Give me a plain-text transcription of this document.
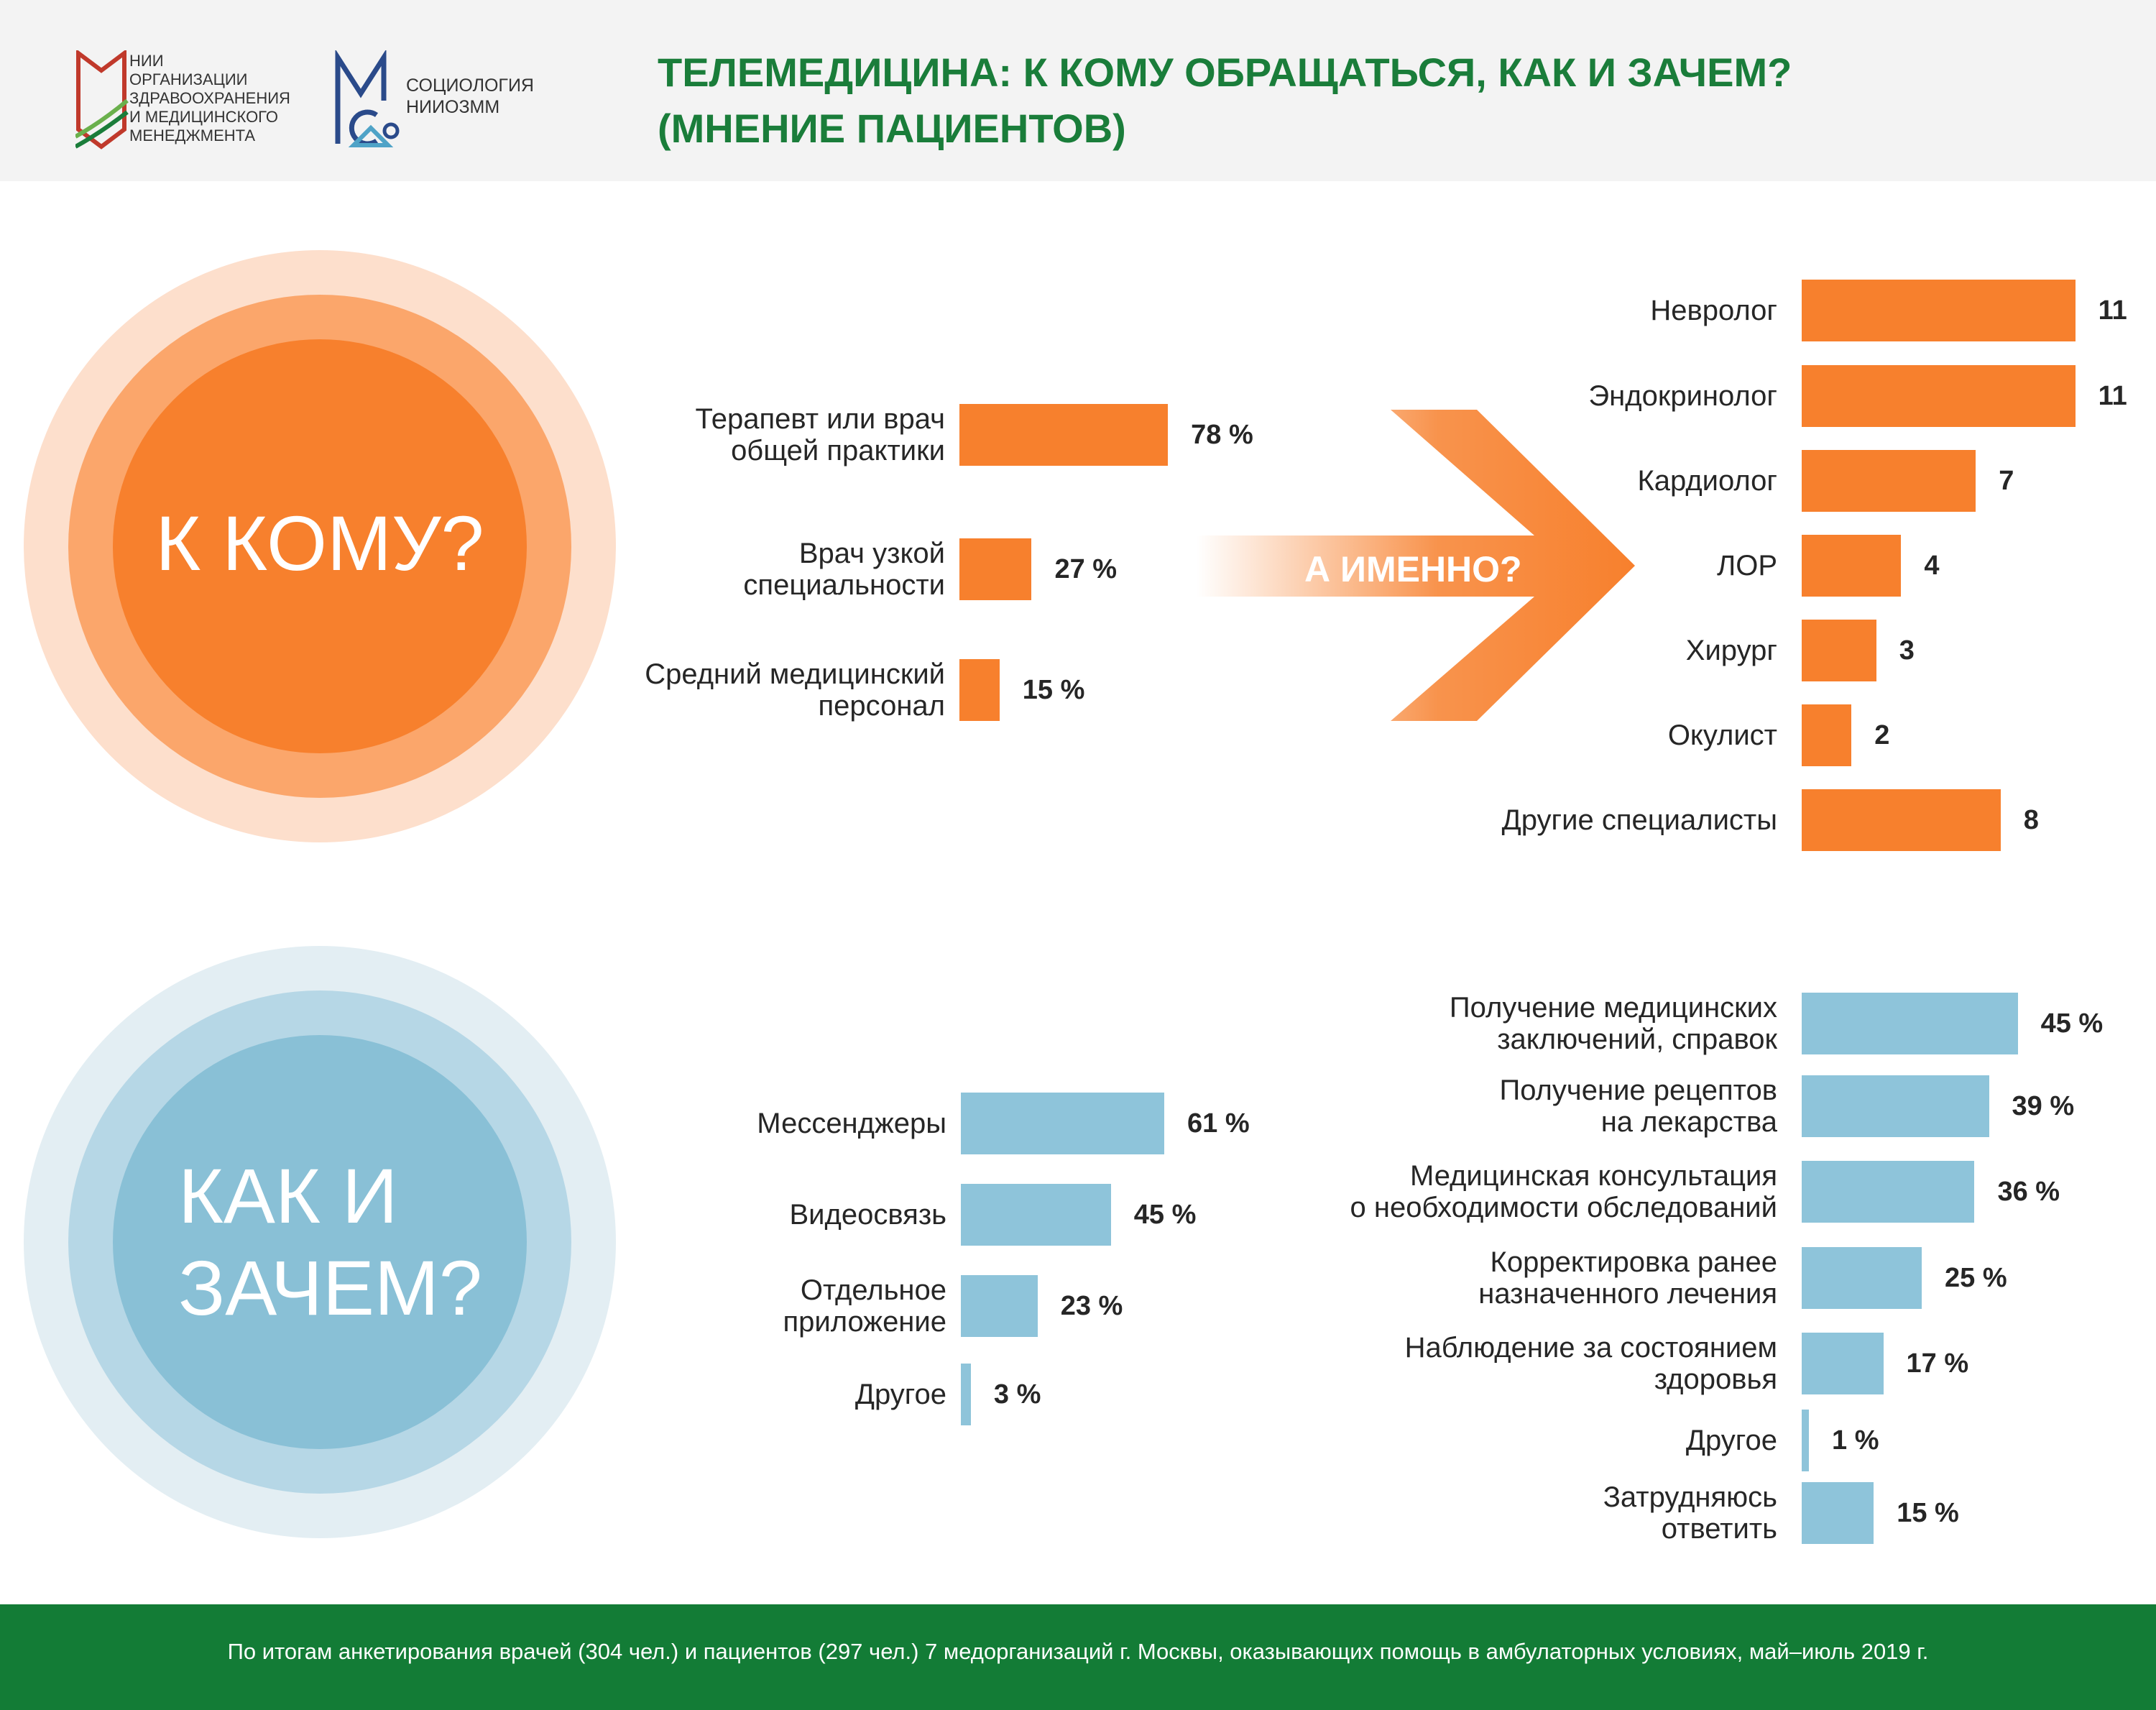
НИИ
ОРГАНИЗАЦИИ
ЗДРАВООХРАНЕНИЯ
И МЕДИЦИНСКОГО
МЕНЕДЖМЕНТА
СОЦИОЛОГИЯ
НИИОЗММ
ТЕЛЕМЕДИЦИНА: К КОМУ ОБРАЩАТЬСЯ, КАК И ЗАЧЕМ?
(МНЕНИЕ ПАЦИЕНТОВ)
К КОМУ?
КАК И
ЗАЧЕМ?
А ИМЕННО?
Терапевт или врач
общей практики	78 %
Врач узкой
специальности	27 %
Средний медицинский
персонал	15 %
Невролог	11
Эндокринолог	11
Кардиолог	7
ЛОР	4
Хирург	3
Окулист	2
Другие специалисты	8
Мессенджеры	61 %
Видеосвязь	45 %
Отдельное
приложение	23 %
Другое 3 %
Получение медицинских
заключений, справок	45 %
Получение рецептов
на лекарства	39 %
Медицинская консультация
о необходимости обследований	36 %
Корректировка ранее
назначенного лечения	25 %
Наблюдение за состоянием
здоровья	17 %
Другое 1 %
Затрудняюсь
ответить	15 %
По итогам анкетирования врачей (304 чел.) и пациентов (297 чел.) 7 медорганизаций г. Москвы, оказывающих помощь в амбулаторных условиях, май–июль 2019 г.
